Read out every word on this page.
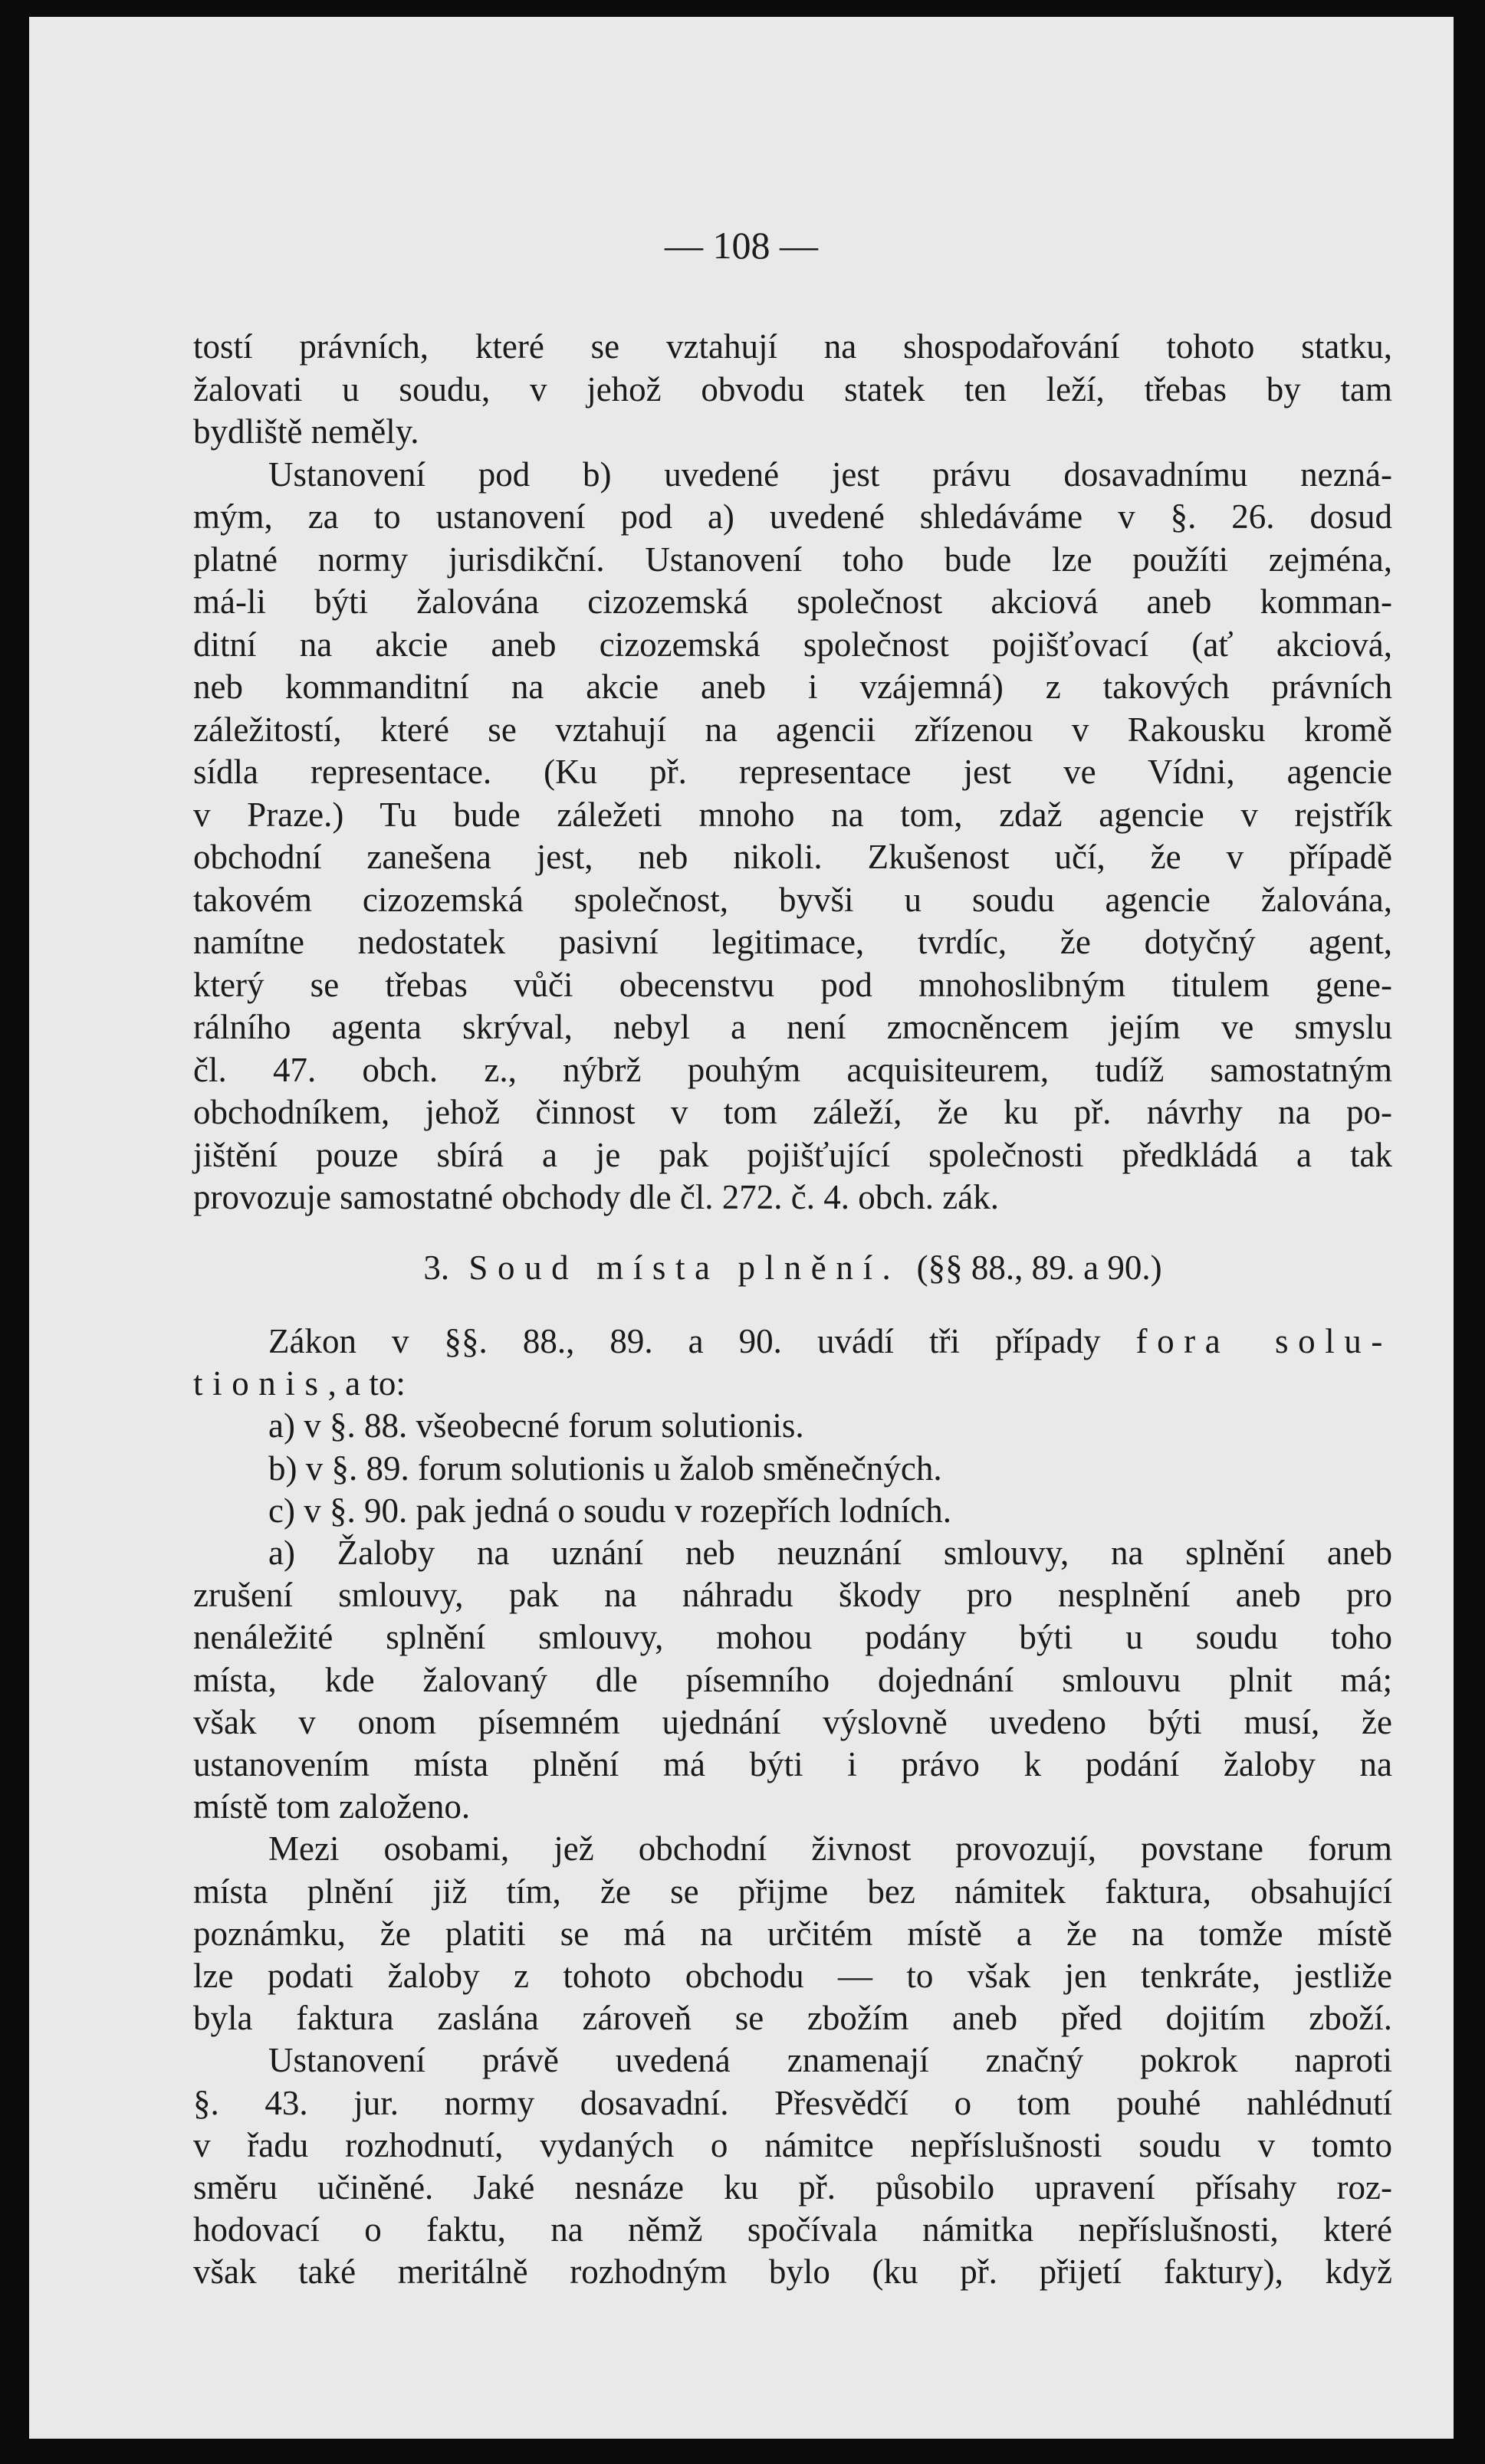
— 108 —
tostí právních, které se vztahují na shospodařování tohoto statku,
žalovati u soudu, v jehož obvodu statek ten leží, třebas by tam
bydliště neměly.
Ustanovení pod b) uvedené jest právu dosavadnímu nezná-
mým, za to ustanovení pod a) uvedené shledáváme v §. 26. dosud
platné normy jurisdikční. Ustanovení toho bude lze použíti zejména,
má-li býti žalována cizozemská společnost akciová aneb komman-
ditní na akcie aneb cizozemská společnost pojišťovací (ať akciová,
neb kommanditní na akcie aneb i vzájemná) z takových právních
záležitostí, které se vztahují na agencii zřízenou v Rakousku kromě
sídla representace. (Ku př. representace jest ve Vídni, agencie
v Praze.) Tu bude záležeti mnoho na tom, zdaž agencie v rejstřík
obchodní zanešena jest, neb nikoli. Zkušenost učí, že v případě
takovém cizozemská společnost, byvši u soudu agencie žalována,
namítne nedostatek pasivní legitimace, tvrdíc, že dotyčný agent,
který se třebas vůči obecenstvu pod mnohoslibným titulem gene-
rálního agenta skrýval, nebyl a není zmocněncem jejím ve smyslu
čl. 47. obch. z., nýbrž pouhým acquisiteurem, tudíž samostatným
obchodníkem, jehož činnost v tom záleží, že ku př. návrhy na po-
jištění pouze sbírá a je pak pojišťující společnosti předkládá a tak
provozuje samostatné obchody dle čl. 272. č. 4. obch. zák.
3. Soud místa plnění. (§§ 88., 89. a 90.)
Zákon v §§. 88., 89. a 90. uvádí tři případy fora solu-
tionis, a to:
a) v §. 88. všeobecné forum solutionis.
b) v §. 89. forum solutionis u žalob směnečných.
c) v §. 90. pak jedná o soudu v rozepřích lodních.
a) Žaloby na uznání neb neuznání smlouvy, na splnění aneb
zrušení smlouvy, pak na náhradu škody pro nesplnění aneb pro
nenáležité splnění smlouvy, mohou podány býti u soudu toho
místa, kde žalovaný dle písemního dojednání smlouvu plnit má;
však v onom písemném ujednání výslovně uvedeno býti musí, že
ustanovením místa plnění má býti i právo k podání žaloby na
místě tom založeno.
Mezi osobami, jež obchodní živnost provozují, povstane forum
místa plnění již tím, že se přijme bez námitek faktura, obsahující
poznámku, že platiti se má na určitém místě a že na tomže místě
lze podati žaloby z tohoto obchodu — to však jen tenkráte, jestliže
byla faktura zaslána zároveň se zbožím aneb před dojitím zboží.
Ustanovení právě uvedená znamenají značný pokrok naproti
§. 43. jur. normy dosavadní. Přesvědčí o tom pouhé nahlédnutí
v řadu rozhodnutí, vydaných o námitce nepříslušnosti soudu v tomto
směru učiněné. Jaké nesnáze ku př. působilo upravení přísahy roz-
hodovací o faktu, na němž spočívala námitka nepříslušnosti, které
však také meritálně rozhodným bylo (ku př. přijetí faktury), když
